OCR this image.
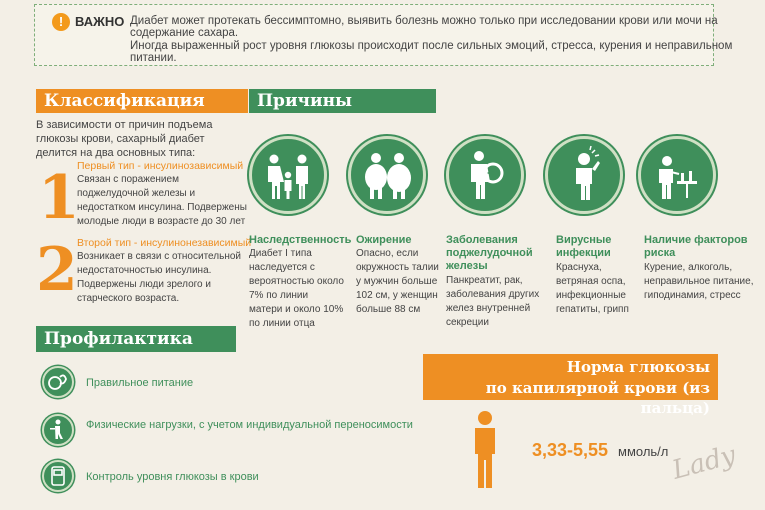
! ВАЖНО Диабет может протекать бессимптомно, выявить болезнь можно только при исследовании крови или мочи на содержание сахара.
Иногда выраженный рост уровня глюкозы происходит после сильных эмоций, стресса, курения и неправильном питании.
Классификация
В зависимости от причин подъема глюкозы крови, сахарный диабет делится на два основных типа:
1
Первый тип - инсулинозависимый
Связан с поражением поджелудочной железы и недостатком инсулина. Подвержены молодые люди в возрасте до 30 лет
2 Второй тип - инсулинонезависимый
Возникает в связи с относительной недостаточностью инсулина. Подвержены люди зрелого и старческого возраста.
Причины
Наследственность
Диабет I типа наследуется с вероятностью около 7% по линии матери и около 10% по линии отца
Ожирение
Опасно, если окружность талии у мужчин больше 102 см, у женщин больше 88 см
Заболевания поджелудочной железы
Панкреатит, рак, заболевания других желез внутренней секреции
Вирусные инфекции
Краснуха, ветряная оспа, инфекционные гепатиты, грипп
Наличие факторов риска
Курение, алкоголь, неправильное питание, гиподинамия, стресс
Профилактика
Правильное питание
Физические нагрузки, с учетом индивидуальной переносимости
Контроль уровня глюкозы в крови
Норма глюкозы
по капилярной крови (из пальца)
3,33-5,55 ммоль/л Lady
